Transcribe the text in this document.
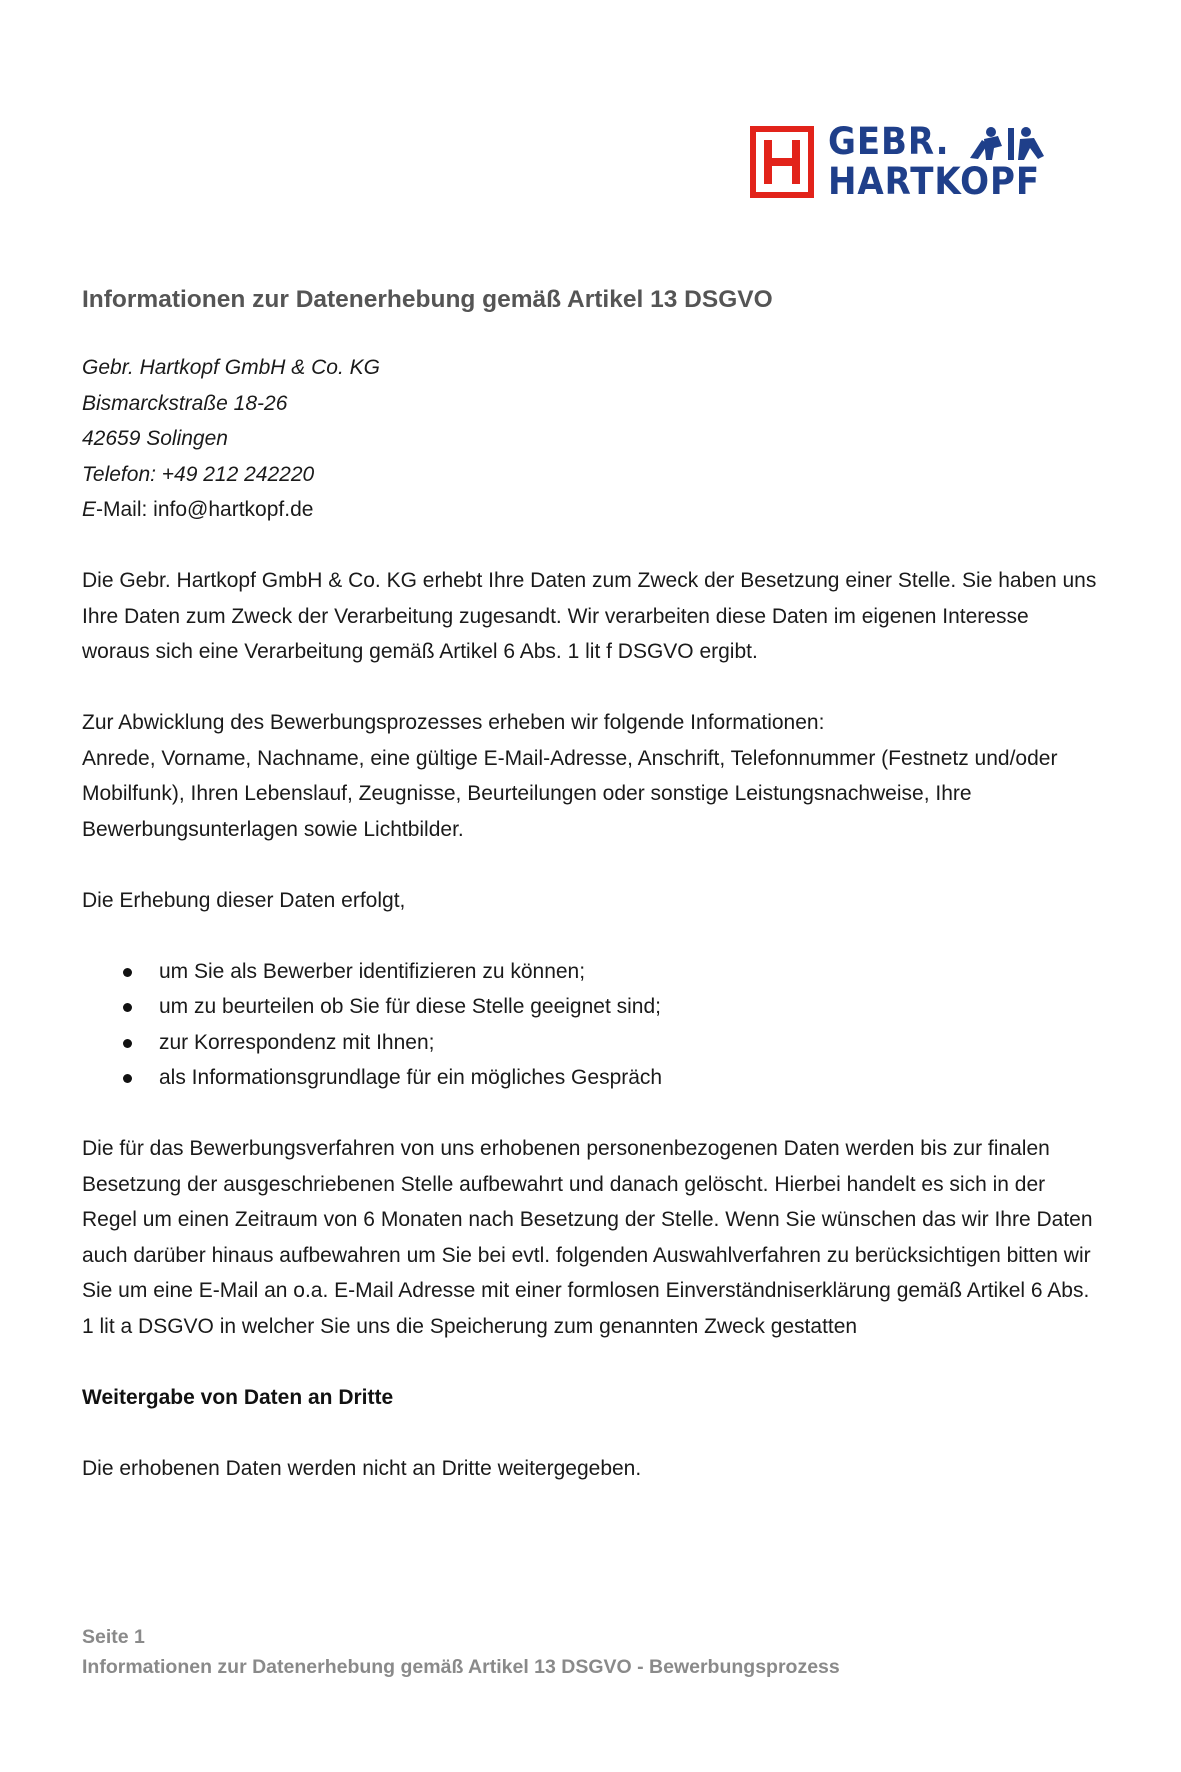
GEBR.
HARTKOPF
Informationen zur Datenerhebung gemäß Artikel 13 DSGVO
Gebr. Hartkopf GmbH & Co. KG
Bismarckstraße 18-26
42659 Solingen
Telefon: +49 212 242220
E-Mail: info@hartkopf.de

Die Gebr. Hartkopf GmbH & Co. KG erhebt Ihre Daten zum Zweck der Besetzung einer Stelle. Sie haben uns Ihre Daten zum Zweck der Verarbeitung zugesandt. Wir verarbeiten diese Daten im eigenen Interesse woraus sich eine Verarbeitung gemäß Artikel 6 Abs. 1 lit f DSGVO ergibt.

Zur Abwicklung des Bewerbungsprozesses erheben wir folgende Informationen:
Anrede, Vorname, Nachname, eine gültige E-Mail-Adresse, Anschrift, Telefonnummer (Festnetz und/oder Mobilfunk), Ihren Lebenslauf, Zeugnisse, Beurteilungen oder sonstige Leistungsnachweise, Ihre Bewerbungsunterlagen sowie Lichtbilder.

Die Erhebung dieser Daten erfolgt,

um Sie als Bewerber identifizieren zu können;
um zu beurteilen ob Sie für diese Stelle geeignet sind;
zur Korrespondenz mit Ihnen;
als Informationsgrundlage für ein mögliches Gespräch

Die für das Bewerbungsverfahren von uns erhobenen personenbezogenen Daten werden bis zur finalen Besetzung der ausgeschriebenen Stelle aufbewahrt und danach gelöscht. Hierbei handelt es sich in der Regel um einen Zeitraum von 6 Monaten nach Besetzung der Stelle. Wenn Sie wünschen das wir Ihre Daten auch darüber hinaus aufbewahren um Sie bei evtl. folgenden Auswahlverfahren zu berücksichtigen bitten wir Sie um eine E-Mail an o.a. E-Mail Adresse mit einer formlosen Einverständniserklärung gemäß Artikel 6 Abs. 1 lit a DSGVO in welcher Sie uns die Speicherung zum genannten Zweck gestatten

Weitergabe von Daten an Dritte

Die erhobenen Daten werden nicht an Dritte weitergegeben.

Seite 1
Informationen zur Datenerhebung gemäß Artikel 13 DSGVO - Bewerbungsprozess
